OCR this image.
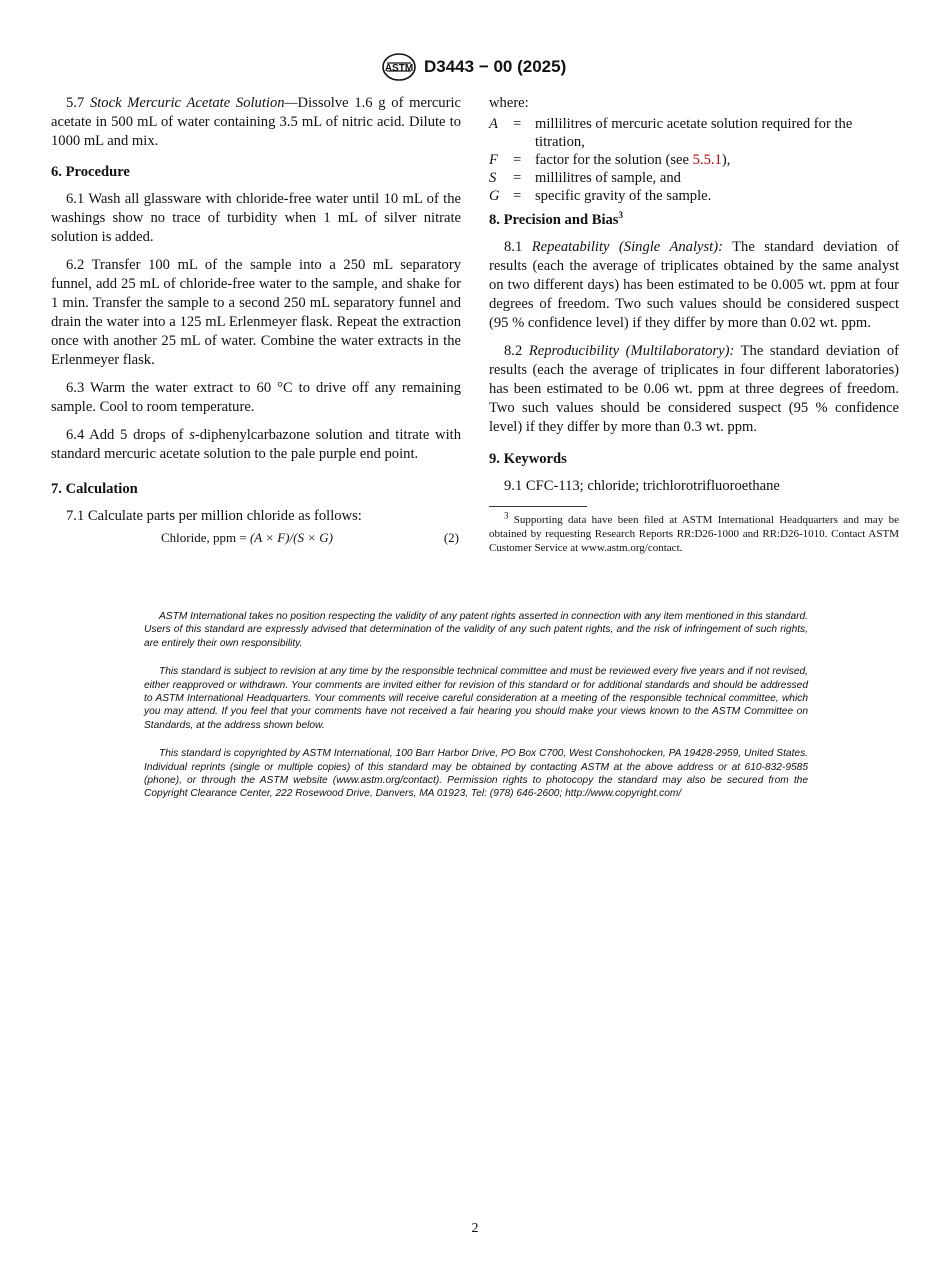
ASTM D3443 − 00 (2025)

5.7 Stock Mercuric Acetate Solution—Dissolve 1.6 g of mercuric acetate in 500 mL of water containing 3.5 mL of nitric acid. Dilute to 1000 mL and mix.

6. Procedure

6.1 Wash all glassware with chloride-free water until 10 mL of the washings show no trace of turbidity when 1 mL of silver nitrate solution is added.

6.2 Transfer 100 mL of the sample into a 250 mL separatory funnel, add 25 mL of chloride-free water to the sample, and shake for 1 min. Transfer the sample to a second 250 mL separatory funnel and drain the water into a 125 mL Erlenmeyer flask. Repeat the extraction once with another 25 mL of water. Combine the water extracts in the Erlenmeyer flask.

6.3 Warm the water extract to 60 °C to drive off any remaining sample. Cool to room temperature.

6.4 Add 5 drops of s-diphenylcarbazone solution and titrate with standard mercuric acetate solution to the pale purple end point.

7. Calculation

7.1 Calculate parts per million chloride as follows:

Chloride, ppm = (A × F)/(S × G)	(2)
where:
A	= millilitres of mercuric acetate solution required for the titration,
F	= factor for the solution (see 5.5.1),
S	= millilitres of sample, and
G = specific gravity of the sample.
8. Precision and Bias$^3$

8.1 Repeatability (Single Analyst): The standard deviation of results (each the average of triplicates obtained by the same analyst on two different days) has been estimated to be 0.005 wt. ppm at four degrees of freedom. Two such values should be considered suspect (95 % confidence level) if they differ by more than 0.02 wt. ppm.

8.2 Reproducibility (Multilaboratory): The standard deviation of results (each the average of triplicates in four different laboratories) has been estimated to be 0.06 wt. ppm at three degrees of freedom. Two such values should be considered suspect (95 % confidence level) if they differ by more than 0.3 wt. ppm.

9. Keywords

9.1 CFC-113; chloride; trichlorotrifluoroethane

$^3$ Supporting data have been filed at ASTM International Headquarters and may be obtained by requesting Research Reports RR:D26-1000 and RR:D26-1010. Contact ASTM Customer Service at www.astm.org/contact.

ASTM International takes no position respecting the validity of any patent rights asserted in connection with any item mentioned in this standard. Users of this standard are expressly advised that determination of the validity of any such patent rights, and the risk of infringement of such rights, are entirely their own responsibility.

This standard is subject to revision at any time by the responsible technical committee and must be reviewed every five years and if not revised, either reapproved or withdrawn. Your comments are invited either for revision of this standard or for additional standards and should be addressed to ASTM International Headquarters. Your comments will receive careful consideration at a meeting of the responsible technical committee, which you may attend. If you feel that your comments have not received a fair hearing you should make your views known to the ASTM Committee on Standards, at the address shown below.

This standard is copyrighted by ASTM International, 100 Barr Harbor Drive, PO Box C700, West Conshohocken, PA 19428-2959, United States. Individual reprints (single or multiple copies) of this standard may be obtained by contacting ASTM at the above address or at 610-832-9585 (phone), or through the ASTM website (www.astm.org/contact). Permission rights to photocopy the standard may also be secured from the Copyright Clearance Center, 222 Rosewood Drive, Danvers, MA 01923, Tel: (978) 646-2600; http://www.copyright.com/

2
